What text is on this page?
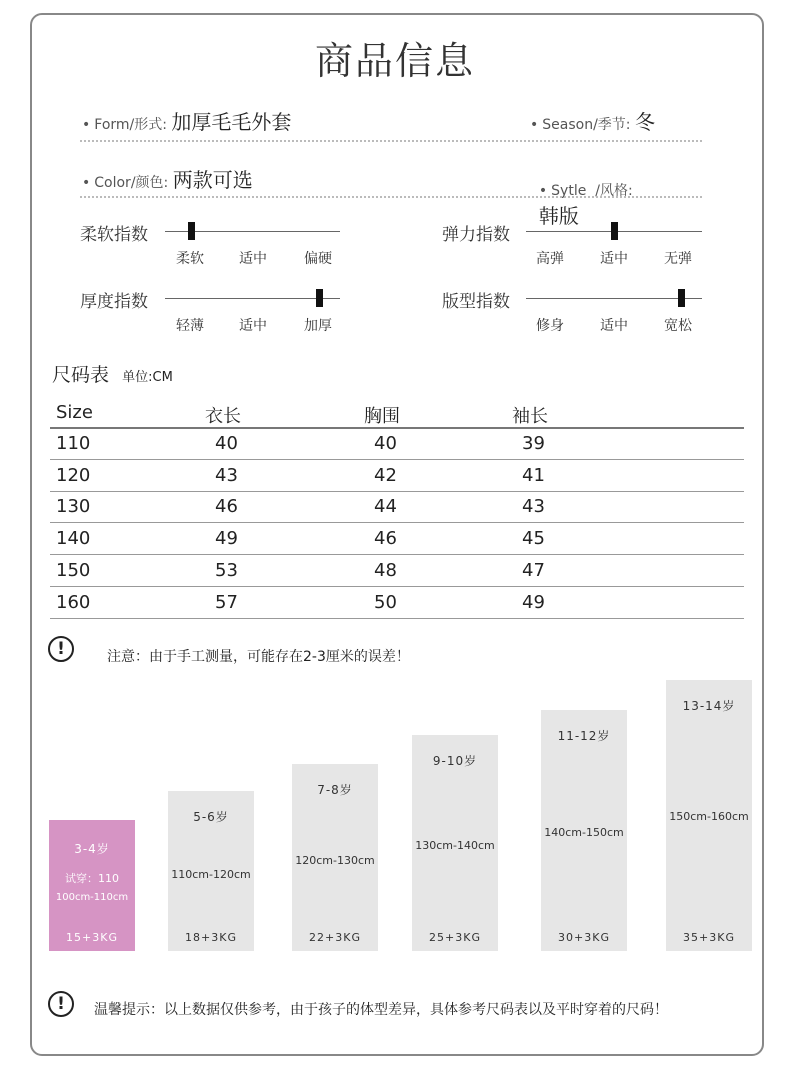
商品信息
• Form/形式: 加厚毛毛外套	• Season/季节: 冬
• Color/颜色: 两款可选	• Sytle  /风格:
韩版

柔软指数
柔软	适中	偏硬
弹力指数
高弹	适中	无弹
厚度指数
轻薄	适中	加厚
版型指数
修身	适中	宽松
尺码表 单位:CM
Size	衣长	胸围	袖长
110	40	40	39
120	43	42	41
130	46	44	43
140	49	46	45
150	53	48	47
160	57	50	49
!	注意：由于手工测量，可能存在2-3厘米的误差！
3-4岁
试穿：110
100cm-110cm
15+3KG
5-6岁
110cm-120cm
18+3KG
7-8岁
120cm-130cm
22+3KG
9-10岁
130cm-140cm
25+3KG
11-12岁
140cm-150cm
30+3KG
13-14岁
150cm-160cm
35+3KG
!	温馨提示：以上数据仅供参考，由于孩子的体型差异，具体参考尺码表以及平时穿着的尺码！
